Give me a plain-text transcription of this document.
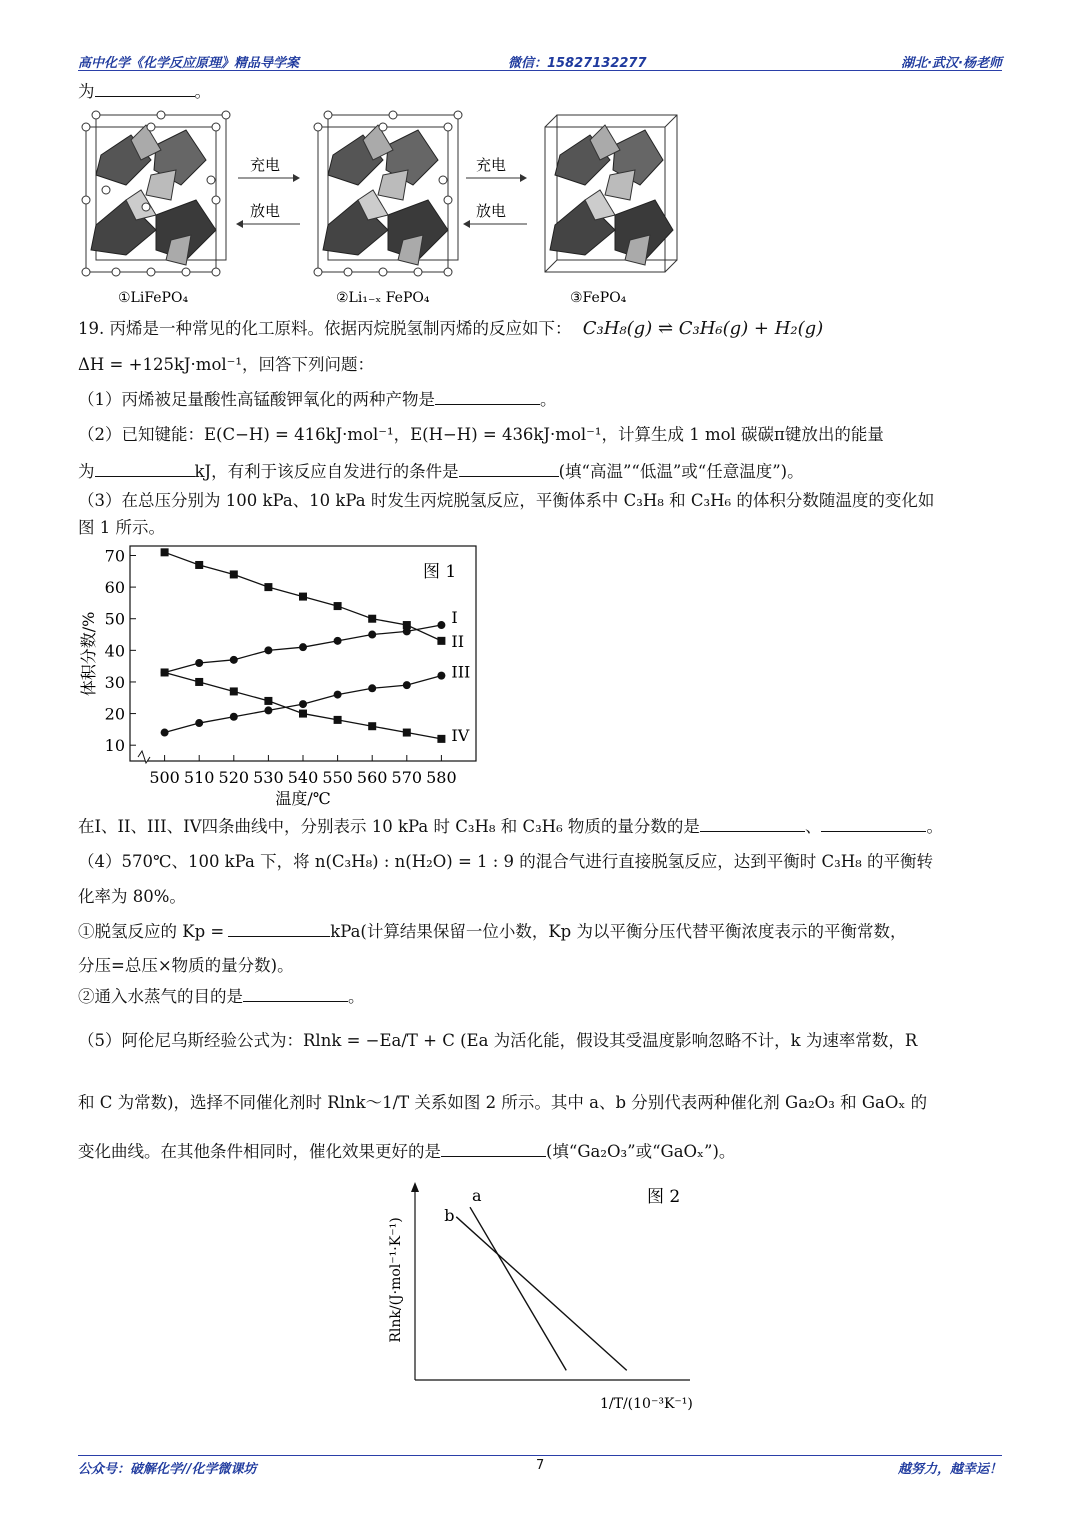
高中化学《化学反应原理》精品导学案	微信：15827132277	湖北·武汉·杨老师
为	。
充电
放电
充电
放电
①LiFePO₄	②Li₁₋ₓ FePO₄	③FePO₄
19. 丙烯是一种常见的化工原料。依据丙烷脱氢制丙烯的反应如下： C₃H₈(g) ⇌ C₃H₆(g) + H₂(g)
ΔH = +125kJ·mol⁻¹，回答下列问题：
（1）丙烯被足量酸性高锰酸钾氧化的两种产物是	。
（2）已知键能：E(C−H) = 416kJ·mol⁻¹，E(H−H) = 436kJ·mol⁻¹，计算生成 1 mol 碳碳π键放出的能量
为	kJ，有利于该反应自发进行的条件是	(填“高温”“低温”或“任意温度”)。
（3）在总压分别为 100 kPa、10 kPa 时发生丙烷脱氢反应，平衡体系中 C₃H₈ 和 C₃H₆ 的体积分数随温度的变化如
图 1 所示。
图 1
10
20
30
40
50
60
70
500 510 520 530 540 550 560 570 580
I
II
III
IV
体积分数/%
温度/℃
在I、II、III、IV四条曲线中，分别表示 10 kPa 时 C₃H₈ 和 C₃H₆ 物质的量分数的是	、	。
（4）570℃、100 kPa 下，将 n(C₃H₈) : n(H₂O) = 1 : 9 的混合气进行直接脱氢反应，达到平衡时 C₃H₈ 的平衡转
化率为 80%。
①脱氢反应的 Kp =	kPa(计算结果保留一位小数，Kp 为以平衡分压代替平衡浓度表示的平衡常数，
分压=总压×物质的量分数)。
②通入水蒸气的目的是	。
（5）阿伦尼乌斯经验公式为：Rlnk = −Ea/T + C (Ea 为活化能，假设其受温度影响忽略不计，k 为速率常数，R
和 C 为常数)，选择不同催化剂时 Rlnk～1/T 关系如图 2 所示。其中 a、b 分别代表两种催化剂 Ga₂O₃ 和 GaOₓ 的
变化曲线。在其他条件相同时，催化效果更好的是	(填“Ga₂O₃”或“GaOₓ”)。
图 2
a
b
Rlnk/(J·mol⁻¹·K⁻¹)
1/T/(10⁻³K⁻¹)
公众号：破解化学//化学微课坊	7	越努力，越幸运！
